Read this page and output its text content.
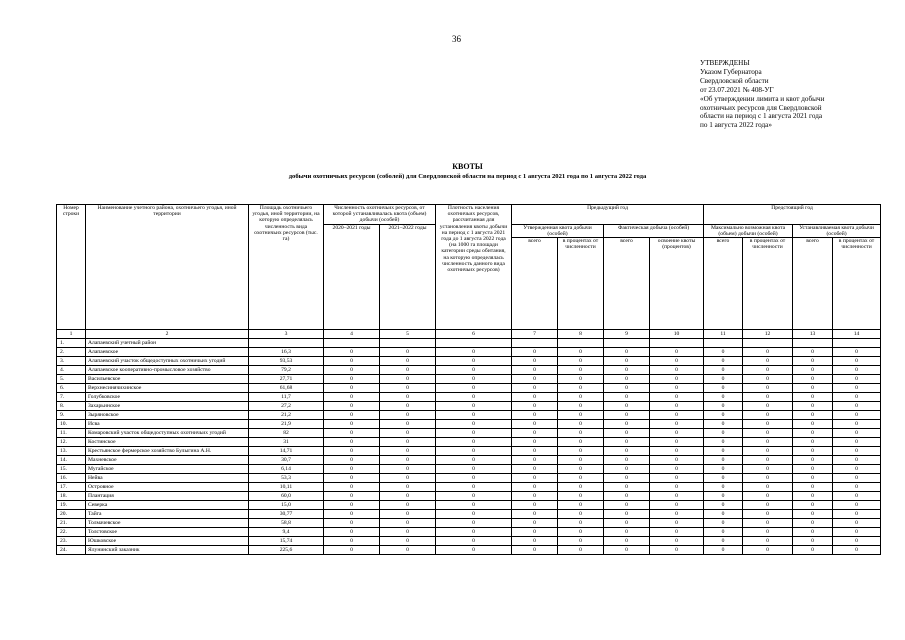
36
УТВЕРЖДЕНЫ
Указом Губернатора
Свердловской области
от 23.07.2021 № 408-УГ
«Об утверждении лимита и квот добычи
охотничьих ресурсов для Свердловской
области на период с 1 августа 2021 года
по 1 августа 2022 года»
КВОТЫ
добычи охотничьих ресурсов (соболей) для Свердловской области на период с 1 августа 2021 года по 1 августа 2022 года
Номер строки	Наименование учетного района, охотничьего угодья, иной территории	Площадь охотничьего угодья, иной территории, на которую определялась численность вида охотничьих ресурсов (тыс. га)	Численность охотничьих ресурсов, от которой устанавливалась квота (объем) добычи (особей)		Плотность населения охотничьих ресурсов, рассчитанная для установления квоты добычи на период с 1 августа 2021 года до 1 августа 2022 года (на 1000 га площади категории среды обитания, на которую определялась численность данного вида охотничьих ресурсов)	Предыдущий год				Предстоящий год			
			2020–2021 годы	2021–2022 годы		Утвержденная квота добычи (особей)		Фактическая добыча (особей)		Максимально возможная квота (объем) добычи (особей)		Устанавливаемая квота добычи (особей)	
						всего	в процентах от численности	всего	освоение квоты (процентов)	всего	в процентах от численности	всего	в процентах от численности
1	2	3	4	5	6	7	8	9	10	11	12	13	14
1.	Алапаевский учетный район												
2.	Алапаевское	16,3	0	0	0	0	0	0	0	0	0	0	0
3.	Алапаевский участок общедоступных охотничьих угодий	93,53	0	0	0	0	0	0	0	0	0	0	0
4.	Алапаевское кооперативно-промысловое хозяйство	79,2	0	0	0	0	0	0	0	0	0	0	0
5.	Васильевское	27,71	0	0	0	0	0	0	0	0	0	0	0
6.	Верхнесинячихинское	61,68	0	0	0	0	0	0	0	0	0	0	0
7.	Голубковское	11,7	0	0	0	0	0	0	0	0	0	0	0
8.	Захарьинское	27,2	0	0	0	0	0	0	0	0	0	0	0
9.	Зыряновское	21,2	0	0	0	0	0	0	0	0	0	0	0
10.	Исва	21,9	0	0	0	0	0	0	0	0	0	0	0
11.	Комаровский участок общедоступных охотничьих угодий	82	0	0	0	0	0	0	0	0	0	0	0
12.	Костинское	31	0	0	0	0	0	0	0	0	0	0	0
13.	Крестьянское фермерское хозяйство Булыгина А.Н.	14,71	0	0	0	0	0	0	0	0	0	0	0
14.	Махневское	30,7	0	0	0	0	0	0	0	0	0	0	0
15.	Мугайское	6,14	0	0	0	0	0	0	0	0	0	0	0
16.	Нейва	53,3	0	0	0	0	0	0	0	0	0	0	0
17.	Островное	10,11	0	0	0	0	0	0	0	0	0	0	0
18.	Плантация	60,0	0	0	0	0	0	0	0	0	0	0	0
19.	Северка	15,0	0	0	0	0	0	0	0	0	0	0	0
20.	Тайга	30,77	0	0	0	0	0	0	0	0	0	0	0
21.	Толмачевское	58,8	0	0	0	0	0	0	0	0	0	0	0
22.	Толстовское	9,4	0	0	0	0	0	0	0	0	0	0	0
23.	Юшковское	15,74	0	0	0	0	0	0	0	0	0	0	0
24.	Ялунинский заказник	225,6	0	0	0	0	0	0	0	0	0	0	0
